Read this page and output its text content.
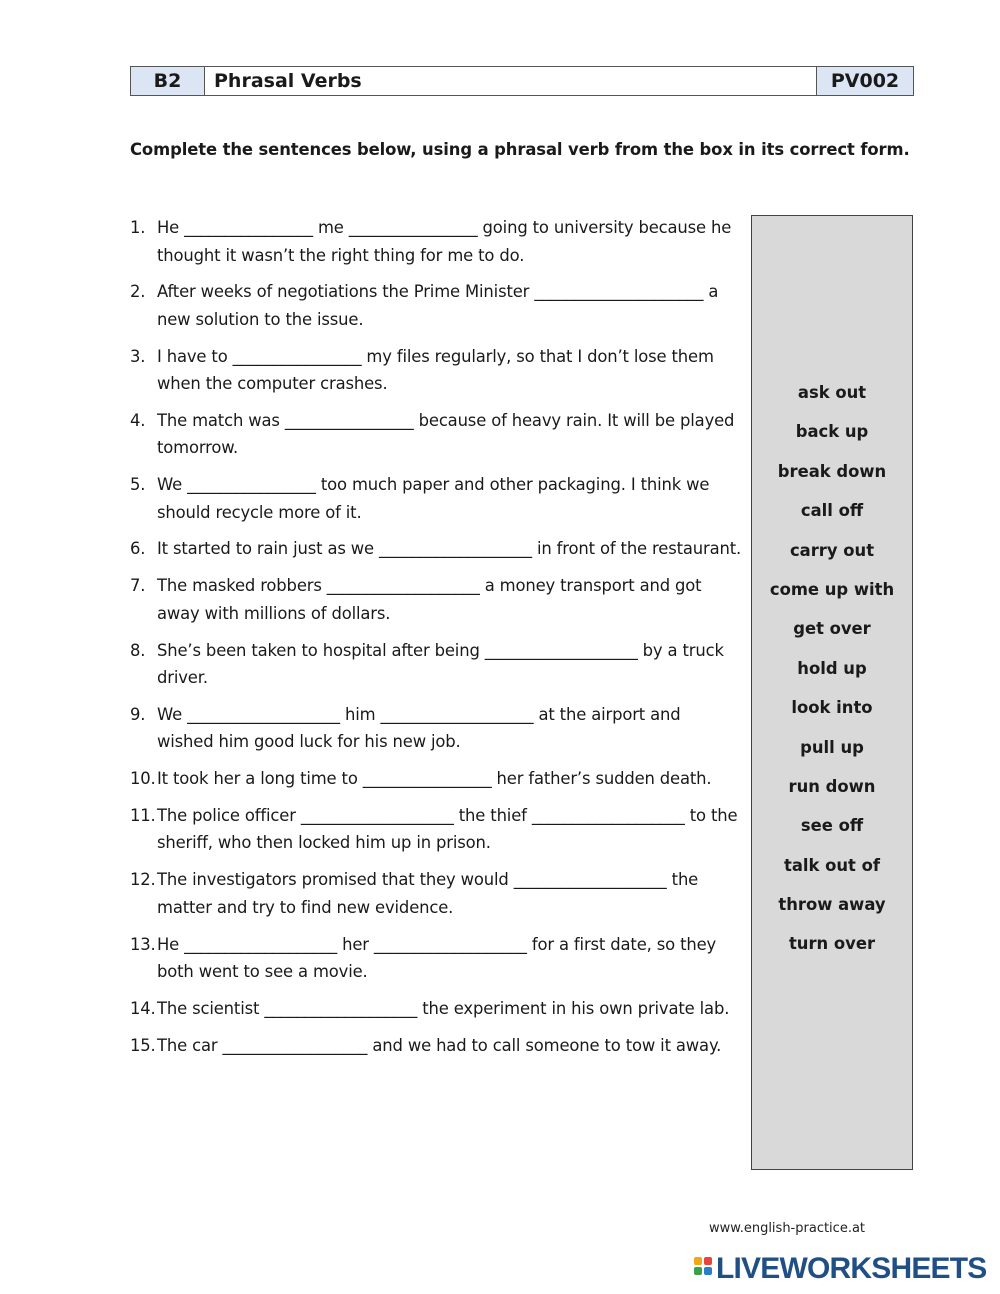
B2	Phrasal Verbs	PV002
Complete the sentences below, using a phrasal verb from the box in its correct form.
1. He ________________ me ________________ going to university because he thought it wasn’t the right thing for me to do.
2. After weeks of negotiations the Prime Minister _____________________ a new solution to the issue.
3. I have to ________________ my files regularly, so that I don’t lose them when the computer crashes.
4. The match was ________________ because of heavy rain. It will be played tomorrow.
5. We ________________ too much paper and other packaging. I think we should recycle more of it.
6. It started to rain just as we ___________________ in front of the restaurant.
7. The masked robbers ___________________ a money transport and got away with millions of dollars.
8. She’s been taken to hospital after being ___________________ by a truck driver.
9. We ___________________ him ___________________ at the airport and wished him good luck for his new job.
10. It took her a long time to ________________ her father’s sudden death.
11. The police officer ___________________ the thief ___________________ to the sheriff, who then locked him up in prison.
12. The investigators promised that they would ___________________ the matter and try to find new evidence.
13. He ___________________ her ___________________ for a first date, so they both went to see a movie.
14. The scientist ___________________ the experiment in his own private lab.
15. The car __________________ and we had to call someone to tow it away.
ask out
back up
break down
call off
carry out
come up with
get over
hold up
look into
pull up
run down
see off
talk out of
throw away
turn over
www.english-practice.at
LIVEWORKSHEETS
